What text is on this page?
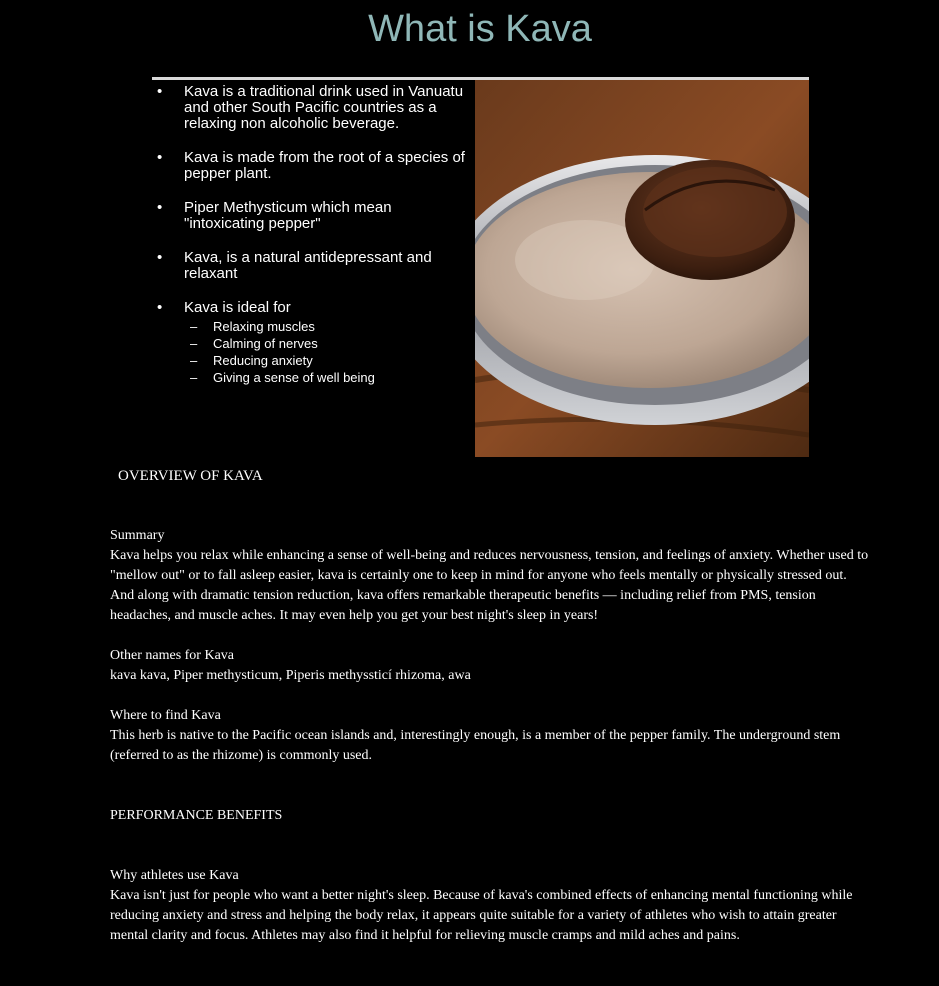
What is Kava
• Kava is a traditional drink used in Vanuatu and other South Pacific countries as a relaxing non alcoholic beverage.
• Kava is made from the root of a species of pepper plant.
• Piper Methysticum which mean "intoxicating pepper"
• Kava, is a natural antidepressant and relaxant
• Kava is ideal for
– Relaxing muscles
– Calming of nerves
– Reducing anxiety
– Giving a sense of well being

OVERVIEW OF KAVA

Summary

Kava helps you relax while enhancing a sense of well-being and reduces nervousness, tension, and feelings of anxiety. Whether used to "mellow out" or to fall asleep easier, kava is certainly one to keep in mind for anyone who feels mentally or physically stressed out. And along with dramatic tension reduction, kava offers remarkable therapeutic benefits — including relief from PMS, tension headaches, and muscle aches. It may even help you get your best night's sleep in years!

Other names for Kava

kava kava, Piper methysticum, Piperis methyssticí rhizoma, awa

Where to find Kava

This herb is native to the Pacific ocean islands and, interestingly enough, is a member of the pepper family. The underground stem (referred to as the rhizome) is commonly used.

PERFORMANCE BENEFITS

Why athletes use Kava

Kava isn't just for people who want a better night's sleep. Because of kava's combined effects of enhancing mental functioning while reducing anxiety and stress and helping the body relax, it appears quite suitable for a variety of athletes who wish to attain greater mental clarity and focus. Athletes may also find it helpful for relieving muscle cramps and mild aches and pains.
